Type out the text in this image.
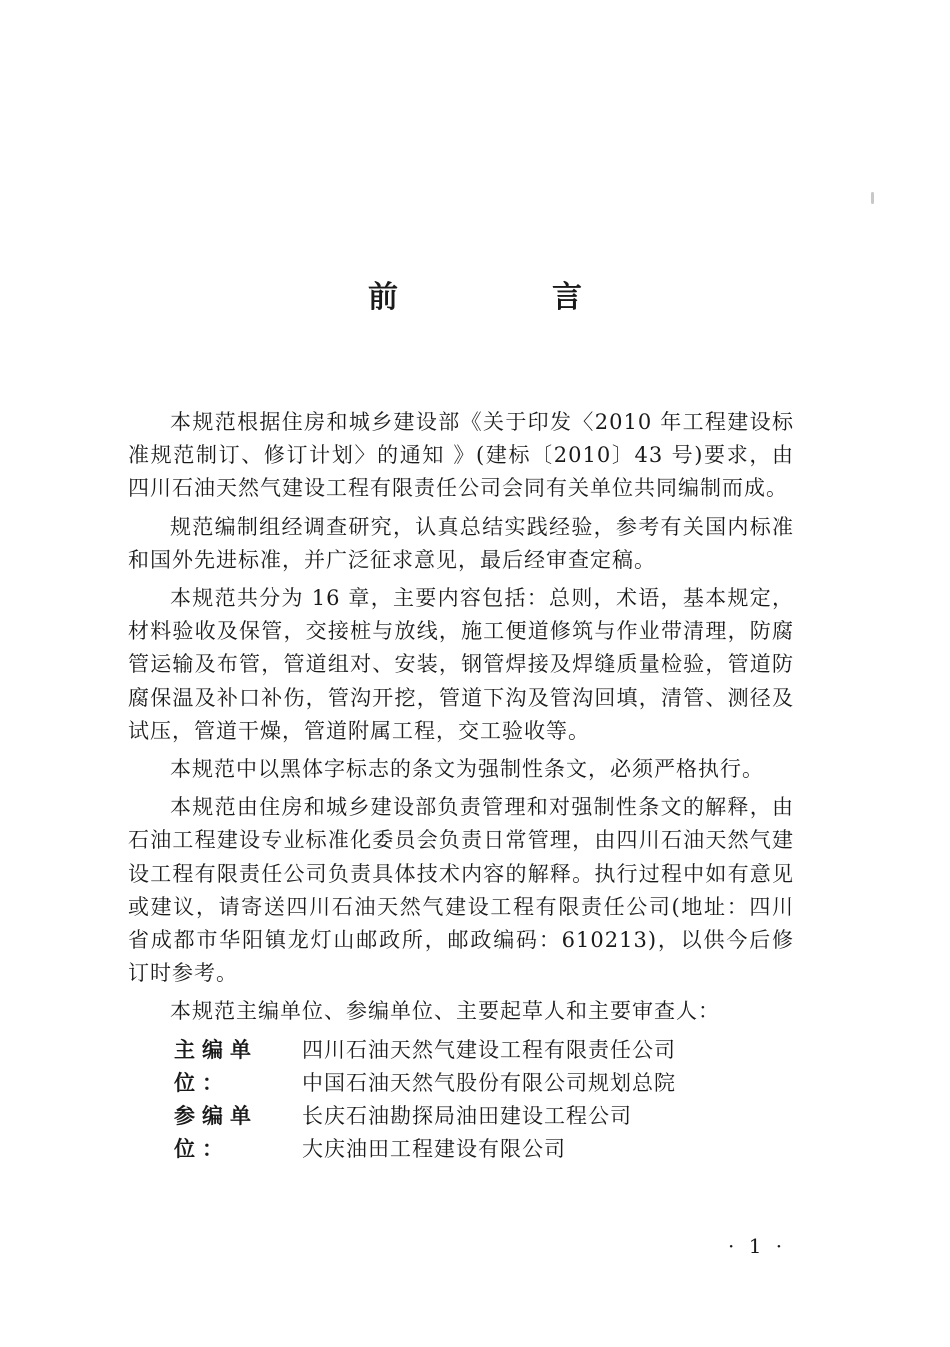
前　言

本规范根据住房和城乡建设部《关于印发〈2010 年工程建设标准规范制订、修订计划〉的通知 》(建标〔2010〕43 号)要求，由四川石油天然气建设工程有限责任公司会同有关单位共同编制而成。

规范编制组经调查研究，认真总结实践经验，参考有关国内标准和国外先进标准，并广泛征求意见，最后经审查定稿。

本规范共分为 16 章，主要内容包括：总则，术语，基本规定，材料验收及保管，交接桩与放线，施工便道修筑与作业带清理，防腐管运输及布管，管道组对、安装，钢管焊接及焊缝质量检验，管道防腐保温及补口补伤，管沟开挖，管道下沟及管沟回填，清管、测径及试压，管道干燥，管道附属工程，交工验收等。

本规范中以黑体字标志的条文为强制性条文，必须严格执行。

本规范由住房和城乡建设部负责管理和对强制性条文的解释，由石油工程建设专业标准化委员会负责日常管理，由四川石油天然气建设工程有限责任公司负责具体技术内容的解释。执行过程中如有意见或建议，请寄送四川石油天然气建设工程有限责任公司(地址：四川省成都市华阳镇龙灯山邮政所，邮政编码：610213)，以供今后修订时参考。

本规范主编单位、参编单位、主要起草人和主要审查人：

主编单位：
四川石油天然气建设工程有限责任公司
中国石油天然气股份有限公司规划总院
参编单位：
长庆石油勘探局油田建设工程公司
大庆油田工程建设有限公司
· 1 ·
